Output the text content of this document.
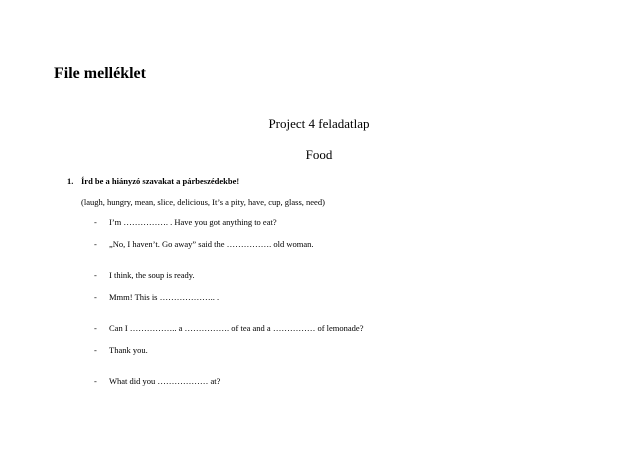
File melléklet
Project 4 feladatlap
Food
1. Írd be a hiányzó szavakat a párbeszédekbe!
(laugh, hungry, mean, slice, delicious, It’s a pity, have, cup, glass, need)
- I’m ……………. . Have you got anything to eat?
- „No, I haven’t. Go away” said the ……………. old woman.
- I think, the soup is ready.
- Mmm! This is ……………….. .
- Can I …………….. a ……………. of tea and a …………… of lemonade?
- Thank you.
- What did you ……………… at?
